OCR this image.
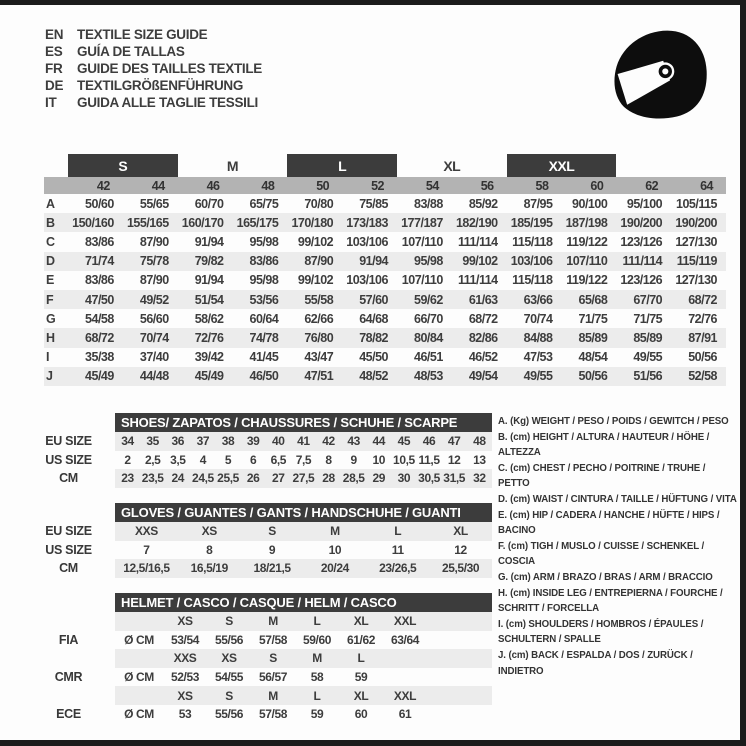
EN	TEXTILE SIZE GUIDE
ES	GUÍA DE TALLAS
FR	GUIDE DES TAILLES TEXTILE
DE	TEXTILGRÖßENFÜHRUNG
IT	GUIDA ALLE TAGLIE TESSILI
	S		M		L		XL		XXL			
	42	44	46	48	50	52	54	56	58	60	62	64
A	50/60	55/65	60/70	65/75	70/80	75/85	83/88	85/92	87/95	90/100	95/100	105/115
B	150/160	155/165	160/170	165/175	170/180	173/183	177/187	182/190	185/195	187/198	190/200	190/200
C	83/86	87/90	91/94	95/98	99/102	103/106	107/110	111/114	115/118	119/122	123/126	127/130
D	71/74	75/78	79/82	83/86	87/90	91/94	95/98	99/102	103/106	107/110	111/114	115/119
E	83/86	87/90	91/94	95/98	99/102	103/106	107/110	111/114	115/118	119/122	123/126	127/130
F	47/50	49/52	51/54	53/56	55/58	57/60	59/62	61/63	63/66	65/68	67/70	68/72
G	54/58	56/60	58/62	60/64	62/66	64/68	66/70	68/72	70/74	71/75	71/75	72/76
H	68/72	70/74	72/76	74/78	76/80	78/82	80/84	82/86	84/88	85/89	85/89	87/91
I	35/38	37/40	39/42	41/45	43/47	45/50	46/51	46/52	47/53	48/54	49/55	50/56
J	45/49	44/48	45/49	46/50	47/51	48/52	48/53	49/54	49/55	50/56	51/56	52/58
	SHOES/ ZAPATOS / CHAUSSURES / SCHUHE / SCARPE														
EU SIZE	34	35	36	37	38	39	40	41	42	43	44	45	46	47	48
US SIZE	2	2,5	3,5	4	5	6	6,5	7,5	8	9	10	10,5	11,5	12	13
CM	23	23,5	24	24,5	25,5	26	27	27,5	28	28,5	29	30	30,5	31,5	32
	GLOVES / GUANTES / GANTS / HANDSCHUHE / GUANTI					
EU SIZE	XXS	XS	S	M	L	XL
US SIZE	7	8	9	10	11	12
CM	12,5/16,5	16,5/19	18/21,5	20/24	23/26,5	25,5/30
	HELMET / CASCO / CASQUE / HELM / CASCO							
		XS	S	M	L	XL	XXL	
FIA	Ø CM	53/54	55/56	57/58	59/60	61/62	63/64	
		XXS	XS	S	M	L		
CMR	Ø CM	52/53	54/55	56/57	58	59		
		XS	S	M	L	XL	XXL	
ECE	Ø CM	53	55/56	57/58	59	60	61	
A. (Kg) WEIGHT / PESO / POIDS / GEWITCH / PESO
B. (cm) HEIGHT / ALTURA / HAUTEUR / HÖHE / ALTEZZA
C. (cm) CHEST / PECHO / POITRINE / TRUHE / PETTO
D. (cm) WAIST / CINTURA / TAILLE / HÜFTUNG / VITA
E. (cm) HIP / CADERA / HANCHE / HÜFTE / HIPS / BACINO
F. (cm) TIGH / MUSLO / CUISSE / SCHENKEL / COSCIA
G. (cm) ARM / BRAZO / BRAS / ARM / BRACCIO
H. (cm) INSIDE LEG / ENTREPIERNA / FOURCHE / SCHRITT / FORCELLA
I. (cm) SHOULDERS / HOMBROS / ÉPAULES / SCHULTERN / SPALLE
J. (cm) BACK / ESPALDA / DOS / ZURÜCK / INDIETRO
